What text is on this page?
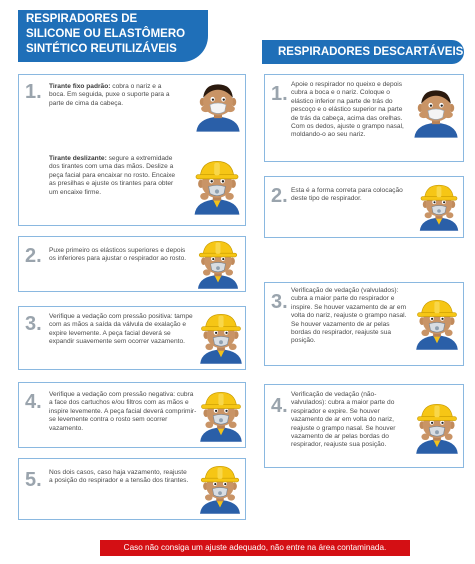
RESPIRADORES DE
SILICONE OU ELASTÔMERO
SINTÉTICO REUTILIZÁVEIS	RESPIRADORES DESCARTÁVEIS
1. Tirante fixo padrão: cobra o nariz e a boca. Em seguida, puxe o suporte para a parte de cima da cabeça.
Tirante deslizante: segure a extremidade dos tirantes com uma das mãos. Deslize a peça facial para encaixar no rosto. Encaixe as presilhas e ajuste os tirantes para obter um encaixe firme.
2. Puxe primeiro os elásticos superiores e depois os inferiores para ajustar o respirador ao rosto.
3. Verifique a vedação com pressão positiva: tampe com as mãos a saída da válvula de exalação e expire levemente. A peça facial deverá se expandir suavemente sem ocorrer vazamento.
4. Verifique a vedação com pressão negativa: cubra a face dos cartuchos e/ou filtros com as mãos e inspire levemente. A peça facial deverá comprimir-se levemente contra o rosto sem ocorrer vazamento.
5. Nos dois casos, caso haja vazamento, reajuste a posição do respirador e a tensão dos tirantes.
1. Apoie o respirador no queixo e depois cubra a boca e o nariz. Coloque o elástico inferior na parte de trás do pescoço e o elástico superior na parte de trás da cabeça, acima das orelhas. Com os dedos, ajuste o grampo nasal, moldando-o ao seu nariz.
2. Esta é a forma correta para colocação deste tipo de respirador.
3.
Verificação de vedação (valvulados): cubra a maior parte do respirador e inspire. Se houver vazamento de ar em volta do nariz, reajuste o grampo nasal. Se houver vazamento de ar pelas bordas do respirador, reajuste sua posição.
4.
Verificação de vedação (não-valvulados): cubra a maior parte do respirador e expire. Se houver vazamento de ar em volta do nariz, reajuste o grampo nasal. Se houver vazamento de ar pelas bordas do respirador, reajuste sua posição.
Caso não consiga um ajuste adequado, não entre na área contaminada.
